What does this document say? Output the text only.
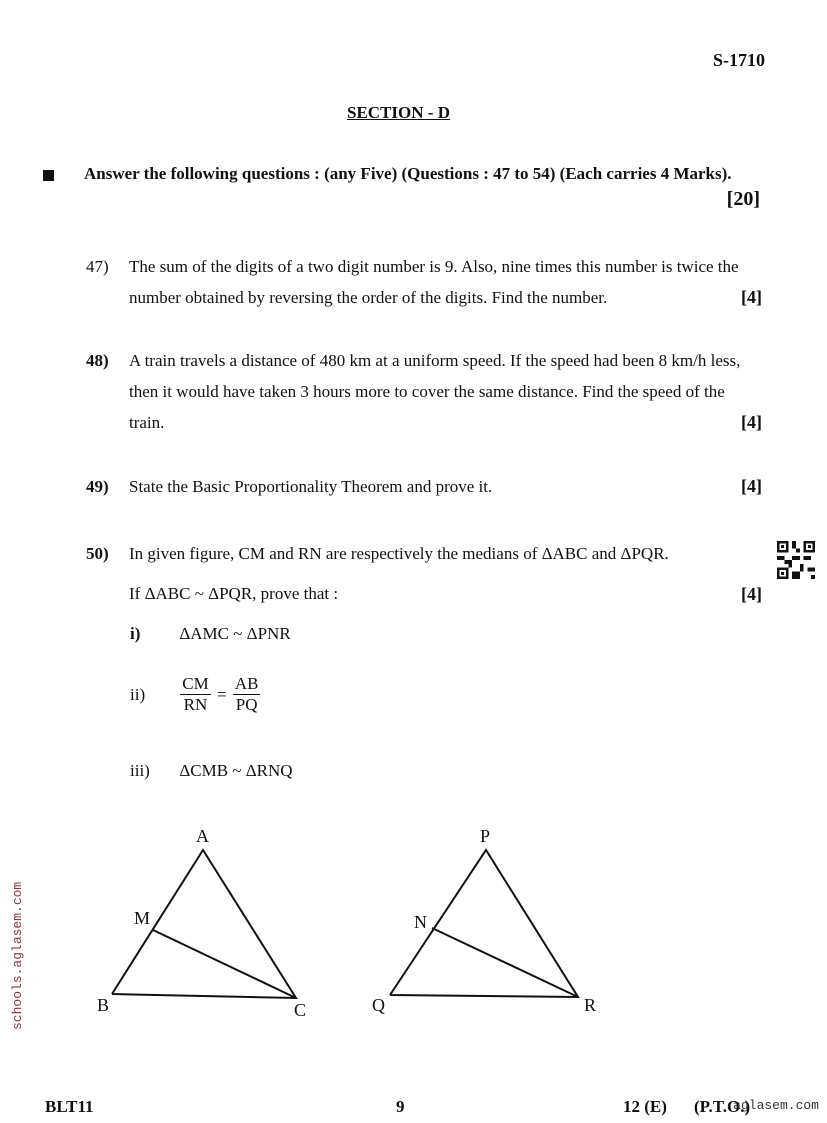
S-1710
SECTION - D
Answer the following questions : (any Five) (Questions : 47 to 54) (Each carries 4 Marks).
[20]
47) The sum of the digits of a two digit number is 9. Also, nine times this number is twice the number obtained by reversing the order of the digits. Find the number.	[4]
48) A train travels a distance of 480 km at a uniform speed. If the speed had been 8 km/h less, then it would have taken 3 hours more to cover the same distance. Find the speed of the train.	[4]
49) State the Basic Proportionality Theorem and prove it.	[4]
50) In given figure, CM and RN are respectively the medians of ΔABC and ΔPQR.
If ΔABC ~ ΔPQR, prove that :	[4]
i) ΔAMC ~ ΔPNR
$ii) \frac{CM}{RN} = \frac{AB}{PQ}$
iii) ΔCMB ~ ΔRNQ
A
M
B	C
P
N
Q	R
schools.aglasem.com
BLT11	9	12 (E) (P.T.O.)
aglasem.com
